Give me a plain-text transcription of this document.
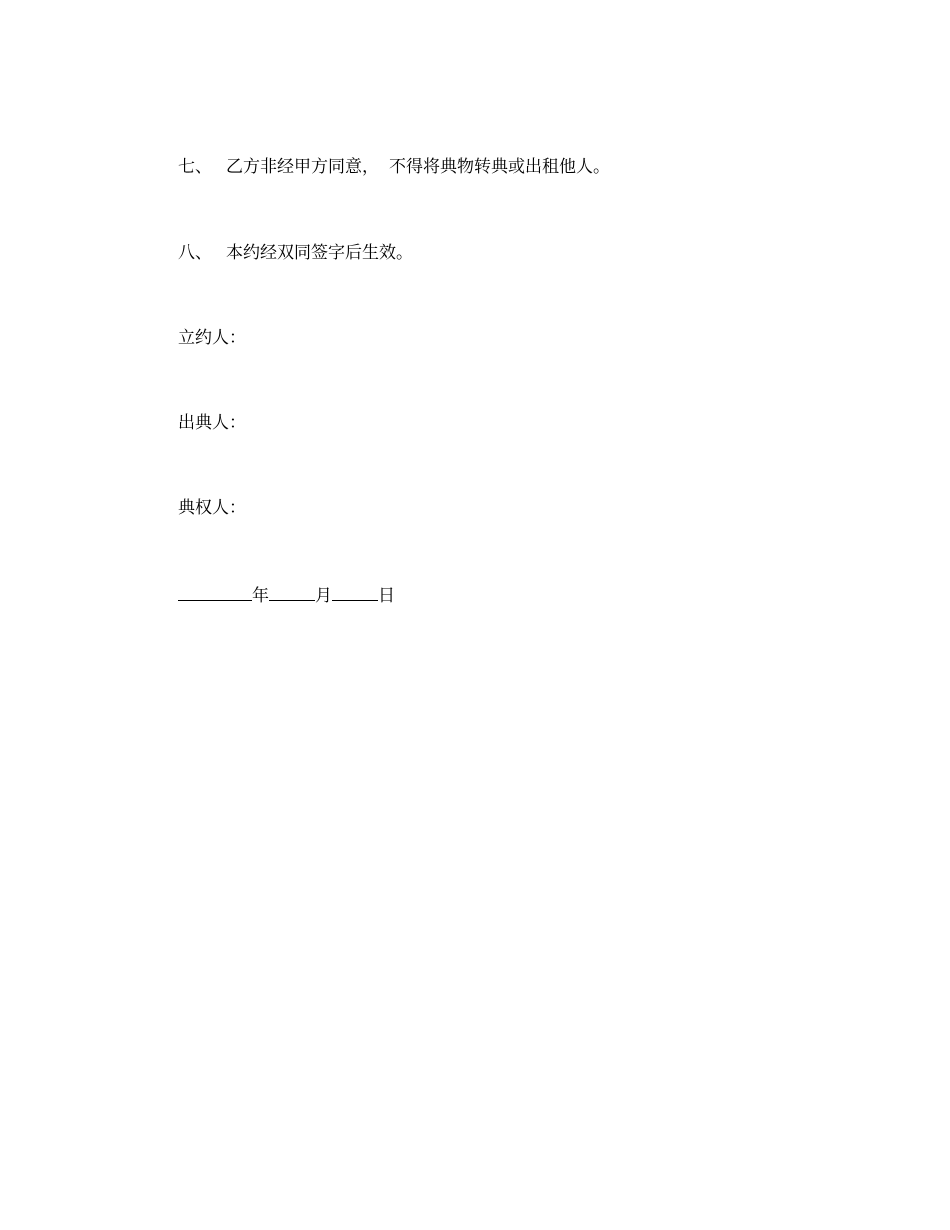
七、 乙方非经甲方同意， 不得将典物转典或出租他人。
八、 本约经双同签字后生效。
立约人：
出典人：
典权人：
年	月	日
